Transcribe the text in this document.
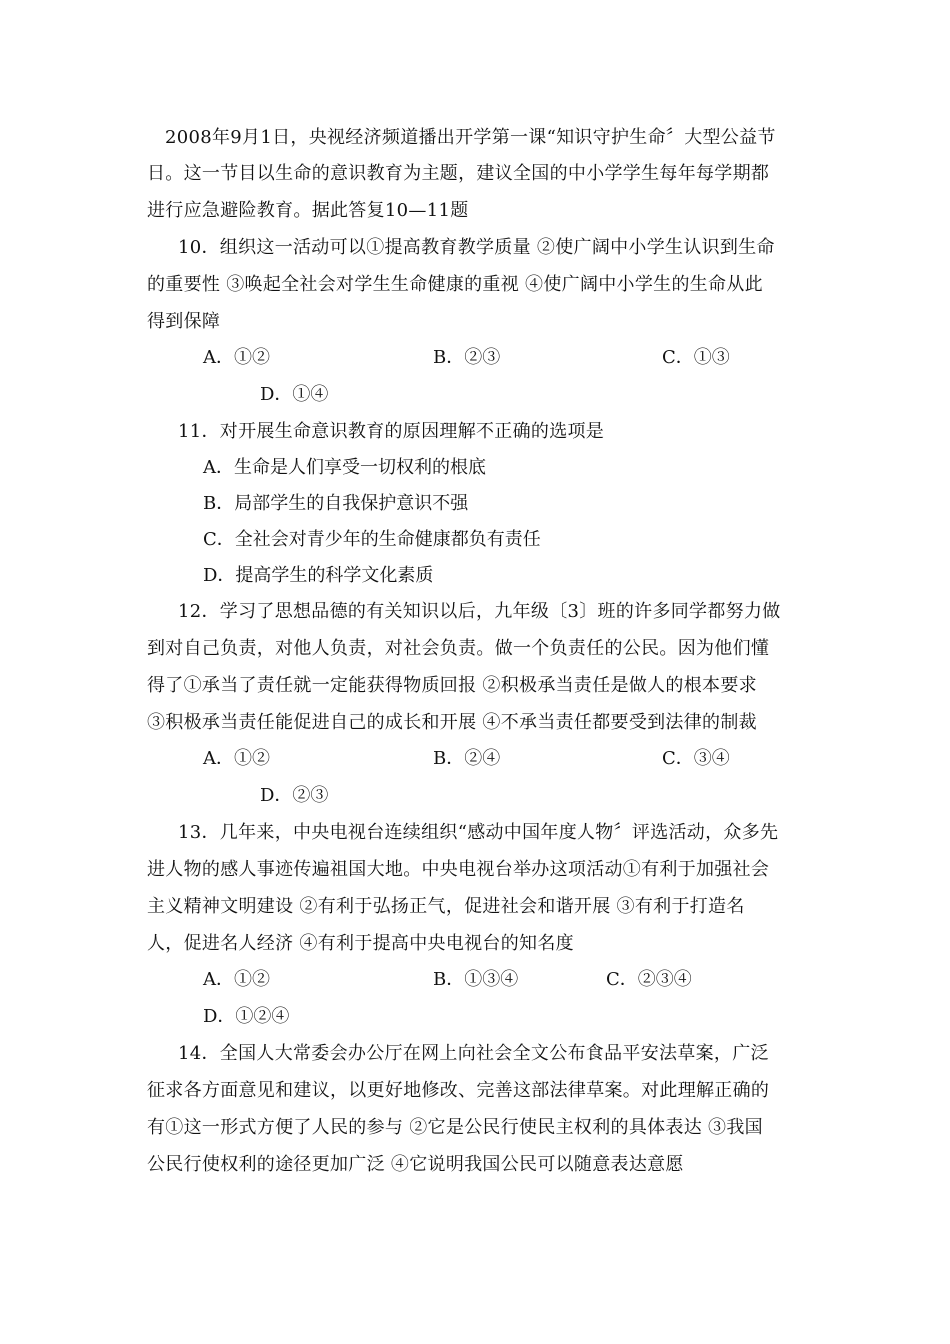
2008年9月1日，央视经济频道播出开学第一课“知识守护生命〞大型公益节
日。这一节目以生命的意识教育为主题，建议全国的中小学学生每年每学期都
进行应急避险教育。据此答复10—11题
10．组织这一活动可以①提高教育教学质量 ②使广阔中小学生认识到生命
的重要性 ③唤起全社会对学生生命健康的重视 ④使广阔中小学生的生命从此
得到保障
A．①②	B．②③	C．①③
D．①④
11．对开展生命意识教育的原因理解不正确的选项是
A．生命是人们享受一切权利的根底
B．局部学生的自我保护意识不强
C．全社会对青少年的生命健康都负有责任
D．提高学生的科学文化素质
12．学习了思想品德的有关知识以后，九年级〔3〕班的许多同学都努力做
到对自己负责，对他人负责，对社会负责。做一个负责任的公民。因为他们懂
得了①承当了责任就一定能获得物质回报 ②积极承当责任是做人的根本要求
③积极承当责任能促进自己的成长和开展 ④不承当责任都要受到法律的制裁
A．①②	B．②④	C．③④
D．②③
13．几年来，中央电视台连续组织“感动中国年度人物〞评选活动，众多先
进人物的感人事迹传遍祖国大地。中央电视台举办这项活动①有利于加强社会
主义精神文明建设 ②有利于弘扬正气，促进社会和谐开展 ③有利于打造名
人，促进名人经济 ④有利于提高中央电视台的知名度
A．①②	B．①③④	C．②③④
D．①②④
14．全国人大常委会办公厅在网上向社会全文公布食品平安法草案，广泛
征求各方面意见和建议，以更好地修改、完善这部法律草案。对此理解正确的
有①这一形式方便了人民的参与 ②它是公民行使民主权利的具体表达 ③我国
公民行使权利的途径更加广泛 ④它说明我国公民可以随意表达意愿
